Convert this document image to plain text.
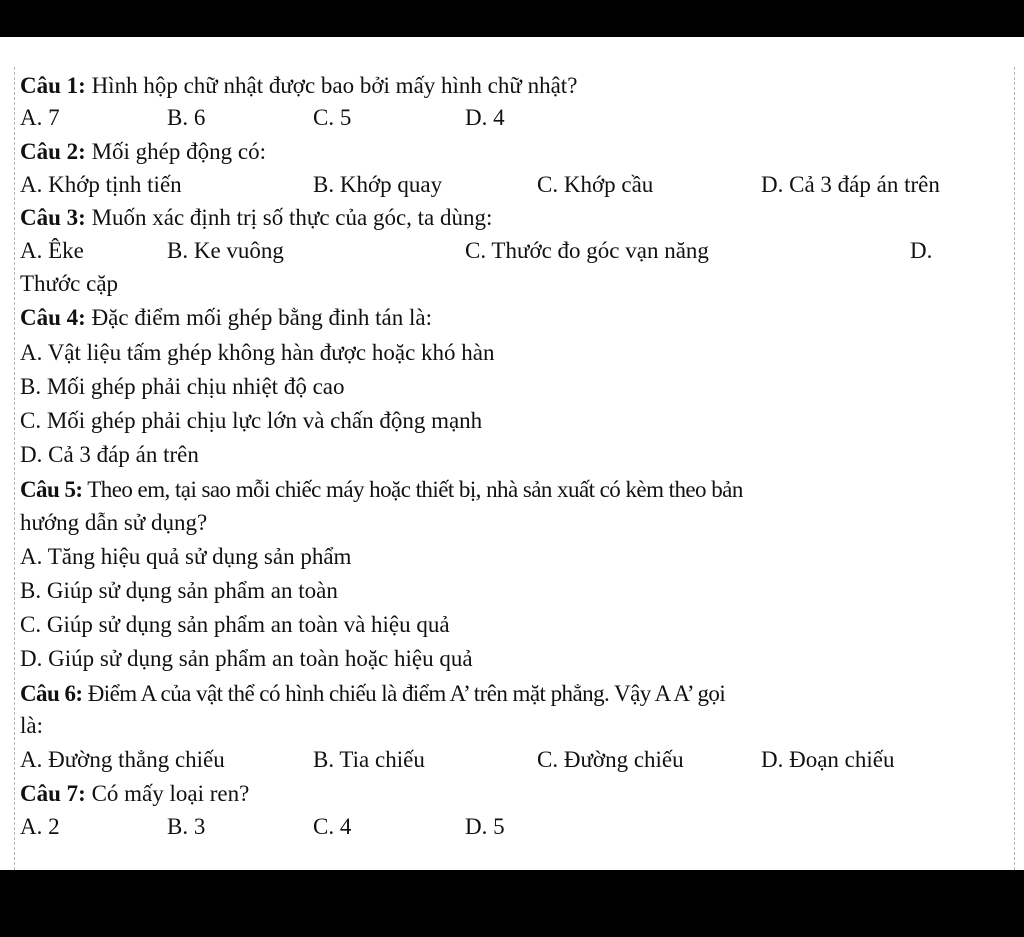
Câu 1: Hình hộp chữ nhật được bao bởi mấy hình chữ nhật?
A. 7	B. 6	C. 5	D. 4
Câu 2: Mối ghép động có:
A. Khớp tịnh tiến	B. Khớp quay	C. Khớp cầu	D. Cả 3 đáp án trên
Câu 3: Muốn xác định trị số thực của góc, ta dùng:
A. Êke	B. Ke vuông	C. Thước đo góc vạn năng	D.
Thước cặp
Câu 4: Đặc điểm mối ghép bằng đinh tán là:
A. Vật liệu tấm ghép không hàn được hoặc khó hàn
B. Mối ghép phải chịu nhiệt độ cao
C. Mối ghép phải chịu lực lớn và chấn động mạnh
D. Cả 3 đáp án trên
Câu 5: Theo em, tại sao mỗi chiếc máy hoặc thiết bị, nhà sản xuất có kèm theo bản
hướng dẫn sử dụng?
A. Tăng hiệu quả sử dụng sản phẩm
B. Giúp sử dụng sản phẩm an toàn
C. Giúp sử dụng sản phẩm an toàn và hiệu quả
D. Giúp sử dụng sản phẩm an toàn hoặc hiệu quả
Câu 6: Điểm A của vật thể có hình chiếu là điểm A’ trên mặt phẳng. Vậy A A’ gọi
là:
A. Đường thẳng chiếu	B. Tia chiếu	C. Đường chiếu	D. Đoạn chiếu
Câu 7: Có mấy loại ren?
A. 2	B. 3	C. 4	D. 5
